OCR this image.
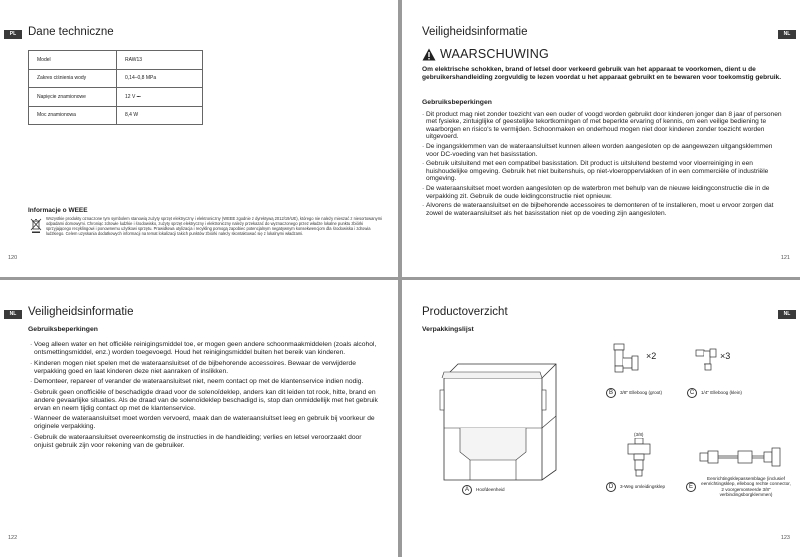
PL	Dane techniczne
Model	RAW13
Zakres ciśnienia wody	0,14–0,8 MPa
Napięcie znamionowe	12 V ⎓
Moc znamionowa	8,4 W
Informacje o WEEE
Wszystkie produkty oznaczone tym symbolem stanowią zużyty sprzęt elektryczny i elektroniczny (WEEE zgodnie z dyrektywą 2012/19/UE), którego nie należy mieszać z niesortowanymi odpadami domowymi. Chroniąc zdrowie ludzkie i środowisko, zużyty sprzęt elektryczny i elektroniczny należy przekazać do wyznaczonego przez władze lokalne punktu zbiórki sprzyjającego recyklingowi i ponownemu użytkowi sprzętu. Prawidłowa utylizacja i recykling pomogą zapobiec potencjalnym negatywnym konsekwencjom dla środowiska i zdrowia ludzkiego. Celem uzyskania dodatkowych informacji na temat lokalizacji takich punktów zbiórki należy skontaktować się z lokalnymi władzami.
120
NL
Veiligheidsinformatie
WAARSCHUWING
Om elektrische schokken, brand of letsel door verkeerd gebruik van het apparaat te voorkomen, dient u de gebruikershandleiding zorgvuldig te lezen voordat u het apparaat gebruikt en te bewaren voor toekomstig gebruik.
Gebruiksbeperkingen
· Dit product mag niet zonder toezicht van een ouder of voogd worden gebruikt door kinderen jonger dan 8 jaar of personen met fysieke, zintuiglijke of geestelijke tekortkomingen of met beperkte ervaring of kennis, om een veilige bediening te waarborgen en risico's te vermijden. Schoonmaken en onderhoud mogen niet door kinderen zonder toezicht worden uitgevoerd.
· De ingangsklemmen van de wateraansluitset kunnen alleen worden aangesloten op de aangewezen uitgangsklemmen voor DC-voeding van het basisstation.
· Gebruik uitsluitend met een compatibel basisstation. Dit product is uitsluitend bestemd voor vloerreiniging in een huishoudelijke omgeving. Gebruik het niet buitenshuis, op niet-vloeroppervlakken of in een commerciële of industriële omgeving.
· De wateraansluitset moet worden aangesloten op de waterbron met behulp van de nieuwe leidingconstructie die in de verpakking zit. Gebruik de oude leidingconstructie niet opnieuw.
· Alvorens de wateraansluitset en de bijbehorende accessoires te demonteren of te installeren, moet u ervoor zorgen dat zowel de wateraansluitset als het basisstation niet op de voeding zijn aangesloten.
121
NL	Veiligheidsinformatie
Gebruiksbeperkingen
· Voeg alleen water en het officiële reinigingsmiddel toe, er mogen geen andere schoonmaakmiddelen (zoals alcohol, ontsmettingsmiddel, enz.) worden toegevoegd. Houd het reinigingsmiddel buiten het bereik van kinderen.
· Kinderen mogen niet spelen met de wateraansluitset of de bijbehorende accessoires. Bewaar de verwijderde verpakking goed en laat kinderen deze niet aanraken of inslikken.
· Demonteer, repareer of verander de wateraansluitset niet, neem contact op met de klantenservice indien nodig.
· Gebruik geen onofficiële of beschadigde draad voor de solenoïdeklep, anders kan dit leiden tot rook, hitte, brand en andere gevaarlijke situaties. Als de draad van de solenoïdeklep beschadigd is, stop dan onmiddellijk met het gebruik ervan en neem tijdig contact op met de klantenservice.
· Wanneer de wateraansluitset moet worden vervoerd, maak dan de wateraansluitset leeg en gebruik bij voorkeur de originele verpakking.
· Gebruik de wateraansluitset overeenkomstig de instructies in de handleiding; verlies en letsel veroorzaakt door onjuist gebruik zijn voor rekening van de gebruiker.
122
NL
Productoverzicht
Verpakkingslijst
A	Hoofdeenheid
×2
B	3/8" Elleboog (groot)
×3
C	1/4" Elleboog (klein)
(3/8)
D	3-Weg omleidingsklep	E
Eenrichtingsklepassemblage (inclusief eenrichtingsklep, elleboog rechte connector, 2 voorgemonteerde 3/8" verbindingsborgklemmen)
123
